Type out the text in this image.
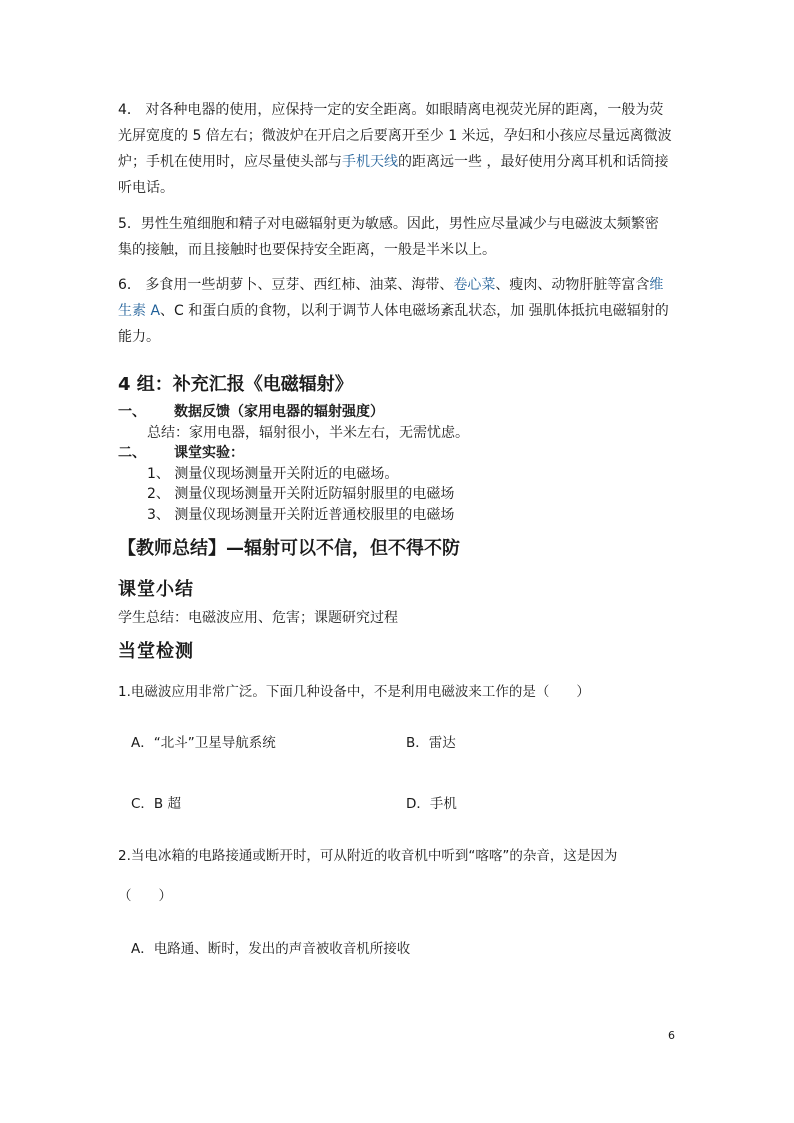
4． 对各种电器的使用，应保持一定的安全距离。如眼睛离电视荧光屏的距离，一般为荧
光屏宽度的 5 倍左右；微波炉在开启之后要离开至少 1 米远，孕妇和小孩应尽量远离微波
炉；手机在使用时，应尽量使头部与手机天线的距离远一些 ，最好使用分离耳机和话筒接
听电话。
5．男性生殖细胞和精子对电磁辐射更为敏感。因此，男性应尽量减少与电磁波太频繁密
集的接触，而且接触时也要保持安全距离，一般是半米以上。
6． 多食用一些胡萝卜、豆芽、西红柿、油菜、海带、卷心菜、瘦肉、动物肝脏等富含维
生素 A、C 和蛋白质的食物，以利于调节人体电磁场紊乱状态，加 强肌体抵抗电磁辐射的
能力。
4 组：补充汇报《电磁辐射》
一、 数据反馈（家用电器的辐射强度）
总结：家用电器，辐射很小，半米左右，无需忧虑。
二、 课堂实验：
1、 测量仪现场测量开关附近的电磁场。
2、 测量仪现场测量开关附近防辐射服里的电磁场
3、 测量仪现场测量开关附近普通校服里的电磁场
【教师总结】—辐射可以不信，但不得不防
课堂小结
学生总结：电磁波应用、危害；课题研究过程
当堂检测
1.电磁波应用非常广泛。下面几种设备中，不是利用电磁波来工作的是（　　）
A．“北斗”卫星导航系统	B．雷达
C．B 超	D．手机
2.当电冰箱的电路接通或断开时，可从附近的收音机中听到“喀喀”的杂音，这是因为
（　　）
A．电路通、断时，发出的声音被收音机所接收
6
